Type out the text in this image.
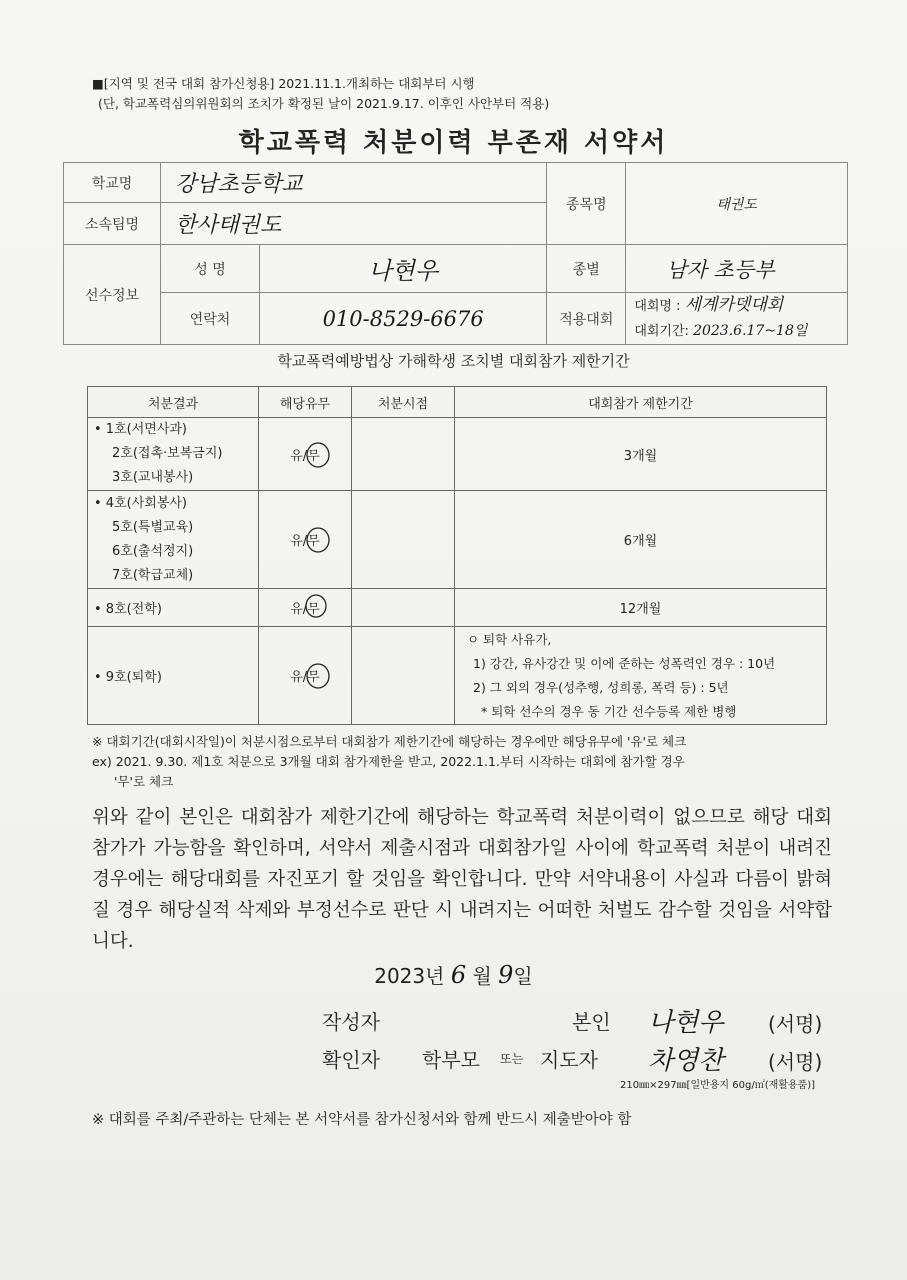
■[지역 및 전국 대회 참가신청용] 2021.11.1.개최하는 대회부터 시행
(단, 학교폭력심의위원회의 조치가 확정된 날이 2021.9.17. 이후인 사안부터 적용)
학교폭력 처분이력 부존재 서약서
학교명	강남초등학교		종목명	태권도
소속팀명	한사태권도			
선수정보	성 명	나현우	종별	남자 초등부
	연락처	010-8529-6676	적용대회	대회명 : 세계카뎃대회
대회기간: 2023.6.17~18일
학교폭력예방법상 가해학생 조치별 대회참가 제한기간
처분결과	해당유무	처분시점	대회참가 제한기간

• 1호(서면사과)
2호(접촉·보복금지)
3호(교내봉사)	유/무		3개월

• 4호(사회봉사)
5호(특별교육)
6호(출석정지)
7호(학급교체)	유/무		6개월
• 8호(전학)	유/무		12개월
• 9호(퇴학)	유/무		ㅇ 퇴학 사유가,
1) 강간, 유사강간 및 이에 준하는 성폭력인 경우 : 10년
2) 그 외의 경우(성추행, 성희롱, 폭력 등) : 5년
* 퇴학 선수의 경우 동 기간 선수등록 제한 병행
※ 대회기간(대회시작일)이 처분시점으로부터 대회참가 제한기간에 해당하는 경우에만 해당유무에 '유'로 체크
ex) 2021. 9.30. 제1호 처분으로 3개월 대회 참가제한을 받고, 2022.1.1.부터 시작하는 대회에 참가할 경우
'무'로 체크
위와 같이 본인은 대회참가 제한기간에 해당하는 학교폭력 처분이력이 없으므로 해당 대회 참가가 가능함을 확인하며, 서약서 제출시점과 대회참가일 사이에 학교폭력 처분이 내려진 경우에는 해당대회를 자진포기 할 것임을 확인합니다. 만약 서약내용이 사실과 다름이 밝혀질 경우 해당실적 삭제와 부정선수로 판단 시 내려지는 어떠한 처벌도 감수할 것임을 서약합니다.
2023년 6 월 9일
작성자	본인 나현우 (서명)
확인자 학부모 또는 지도자 차영찬 (서명)
210㎜×297㎜[일반용지 60g/㎡(재활용품)]
※ 대회를 주최/주관하는 단체는 본 서약서를 참가신청서와 함께 반드시 제출받아야 함
